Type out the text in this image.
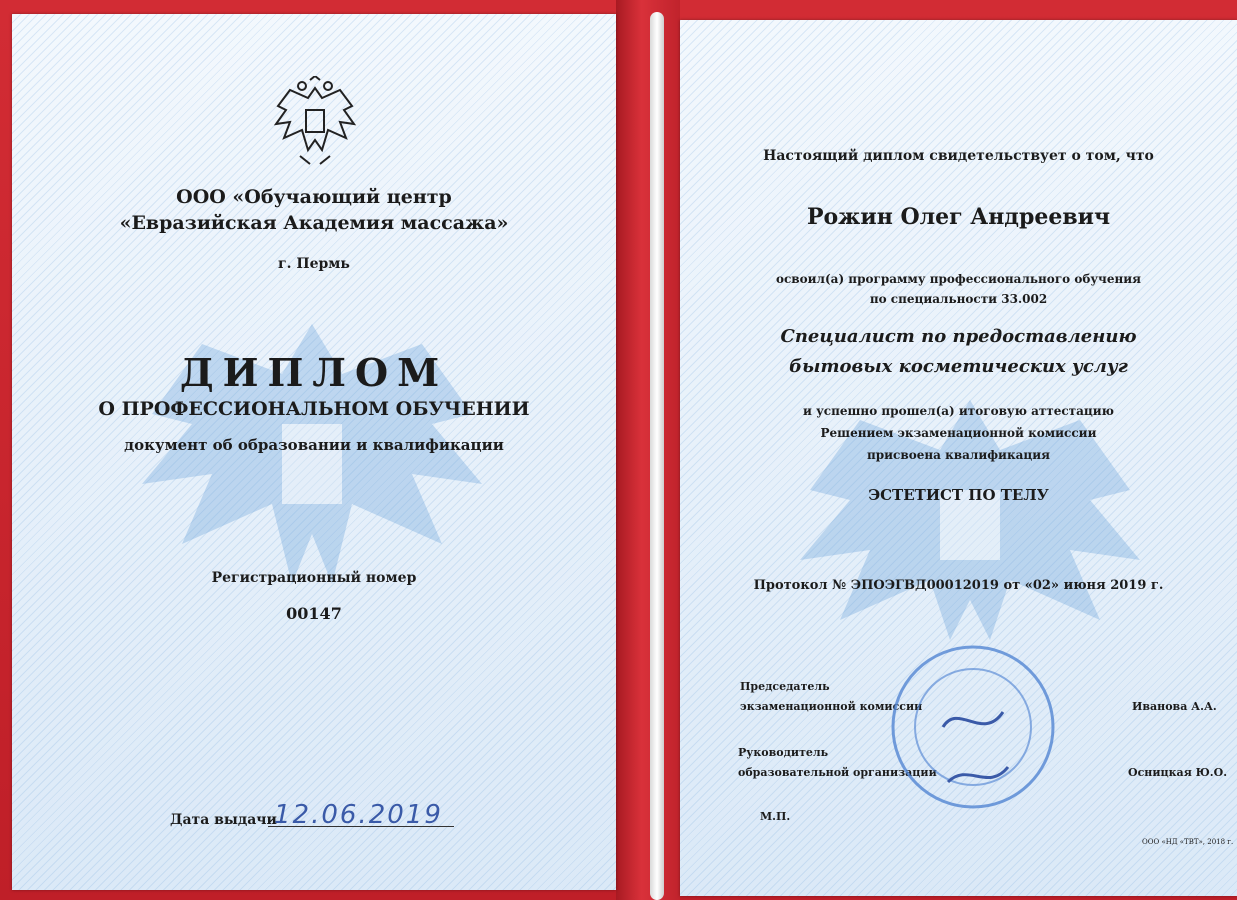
ООО «Обучающий центр
«Евразийская Академия массажа»
г. Пермь
ДИПЛОМ
О ПРОФЕССИОНАЛЬНОМ ОБУЧЕНИИ
документ об образовании и квалификации
Регистрационный номер
00147
Дата выдачи
12.06.2019
Настоящий диплом свидетельствует о том, что
Рожин Олег Андреевич
освоил(а) программу профессионального обучения
по специальности 33.002
Специалист по предоставлению
бытовых косметических услуг
и успешно прошел(а) итоговую аттестацию
Решением экзаменационной комиссии
присвоена квалификация
ЭСТЕТИСТ ПО ТЕЛУ
Протокол № ЭПОЭГВД00012019 от «02» июня 2019 г.
Председатель
экзаменационной комиссии	Иванова А.А.
Руководитель
образовательной организации	Осницкая Ю.О.
М.П.
ООО «НД «ТВТ», 2018 г.
